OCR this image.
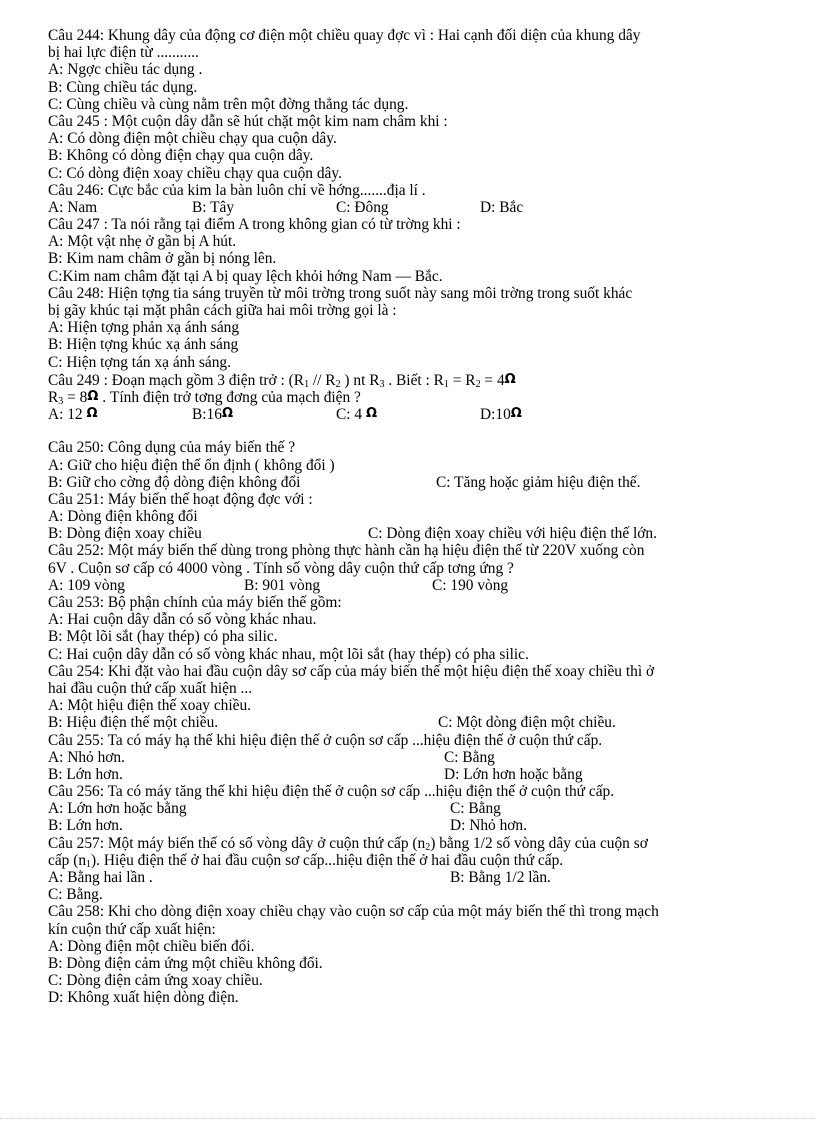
Câu 244: Khung dây của động cơ điện một chiều quay đợc vì : Hai cạnh đối diện của khung dây
bị hai lực điện từ ...........
A: Ngợc chiều tác dụng .
B: Cùng chiều tác dụng.
C: Cùng chiều và cùng nằm trên một đờng thẳng tác dụng.
Câu 245 : Một cuộn dây dẫn sẽ hút chặt một kim nam châm khi :
A: Có dòng điện một chiều chạy qua cuộn dây.
B: Không có dòng điện chạy qua cuộn dây.
C: Có dòng điện xoay chiều chạy qua cuộn dây.
Câu 246: Cực bắc của kim la bàn luôn chỉ về hớng.......địa lí .
A: Nam	B: Tây	C: Đông	D: Bắc
Câu 247 : Ta nói rằng tại điểm A trong không gian có từ trờng khi :
A: Một vật nhẹ ở gần bị A hút.
B: Kim nam châm ở gần bị nóng lên.
C:Kim nam châm đặt tại A bị quay lệch khỏi hớng Nam — Bắc.
Câu 248: Hiện tợng tia sáng truyền từ môi trờng trong suốt này sang môi trờng trong suốt khác
bị gãy khúc tại mặt phân cách giữa hai môi trờng gọi là :
A: Hiện tợng phản xạ ánh sáng
B: Hiện tợng khúc xạ ánh sáng
C: Hiện tợng tán xạ ánh sáng.
Câu 249 : Đoạn mạch gồm 3 điện trở : ($R_1 // R_2$ ) nt $R_3$ . Biết : $R_1 = R_2 = 4\Omega$
$R_3 = 8\Omega$ . Tính điện trở tơng đơng của mạch điện ?
A: 12 Ω	B:16Ω	C: 4 Ω	D:10Ω
Câu 250: Công dụng của máy biến thế ?
A: Giữ cho hiệu điện thế ổn định ( không đổi )
B: Giữ cho cờng độ dòng điện không đổi	C: Tăng hoặc giảm hiệu điện thế.
Câu 251: Máy biến thế hoạt động đợc với :
A: Dòng điện không đổi
B: Dòng điện xoay chiều	C: Dòng điện xoay chiều với hiệu điện thế lớn.
Câu 252: Một máy biến thế dùng trong phòng thực hành cần hạ hiệu điện thế từ 220V xuống còn
6V . Cuộn sơ cấp có 4000 vòng . Tính số vòng dây cuộn thứ cấp tơng ứng ?
A: 109 vòng	B: 901 vòng	C: 190 vòng
Câu 253: Bộ phận chính của máy biến thế gồm:
A: Hai cuộn dây dẫn có số vòng khác nhau.
B: Một lõi sắt (hay thép) có pha silic.
C: Hai cuộn dây dẫn có số vòng khác nhau, một lõi sắt (hay thép) có pha silic.
Câu 254: Khi đặt vào hai đầu cuộn dây sơ cấp của máy biến thế một hiệu điện thế xoay chiều thì ở
hai đầu cuộn thứ cấp xuất hiện ...
A: Một hiệu điện thế xoay chiều.
B: Hiệu điện thế một chiều.	C: Một dòng điện một chiều.
Câu 255: Ta có máy hạ thế khi hiệu điện thế ở cuộn sơ cấp ...hiệu điện thế ở cuộn thứ cấp.
A: Nhỏ hơn.	C: Bằng
B: Lớn hơn.	D: Lớn hơn hoặc bằng
Câu 256: Ta có máy tăng thế khi hiệu điện thế ở cuộn sơ cấp ...hiệu điện thế ở cuộn thứ cấp.
A: Lớn hơn hoặc bằng	C: Bằng
B: Lớn hơn.	D: Nhỏ hơn.
Câu 257: Một máy biến thế có số vòng dây ở cuộn thứ cấp $(n_2)$ bằng 1/2 số vòng dây của cuộn sơ
cấp $(n_1)$. Hiệu điện thế ở hai đầu cuộn sơ cấp...hiệu điện thế ở hai đầu cuộn thứ cấp.
A: Bằng hai lần .	B: Bằng 1/2 lần.
C: Bằng.
Câu 258: Khi cho dòng điện xoay chiều chạy vào cuộn sơ cấp của một máy biến thế thì trong mạch
kín cuộn thứ cấp xuất hiện:
A: Dòng điện một chiều biến đổi.
B: Dòng điện cảm ứng một chiều không đổi.
C: Dòng điện cảm ứng xoay chiều.
D: Không xuất hiện dòng điện.
